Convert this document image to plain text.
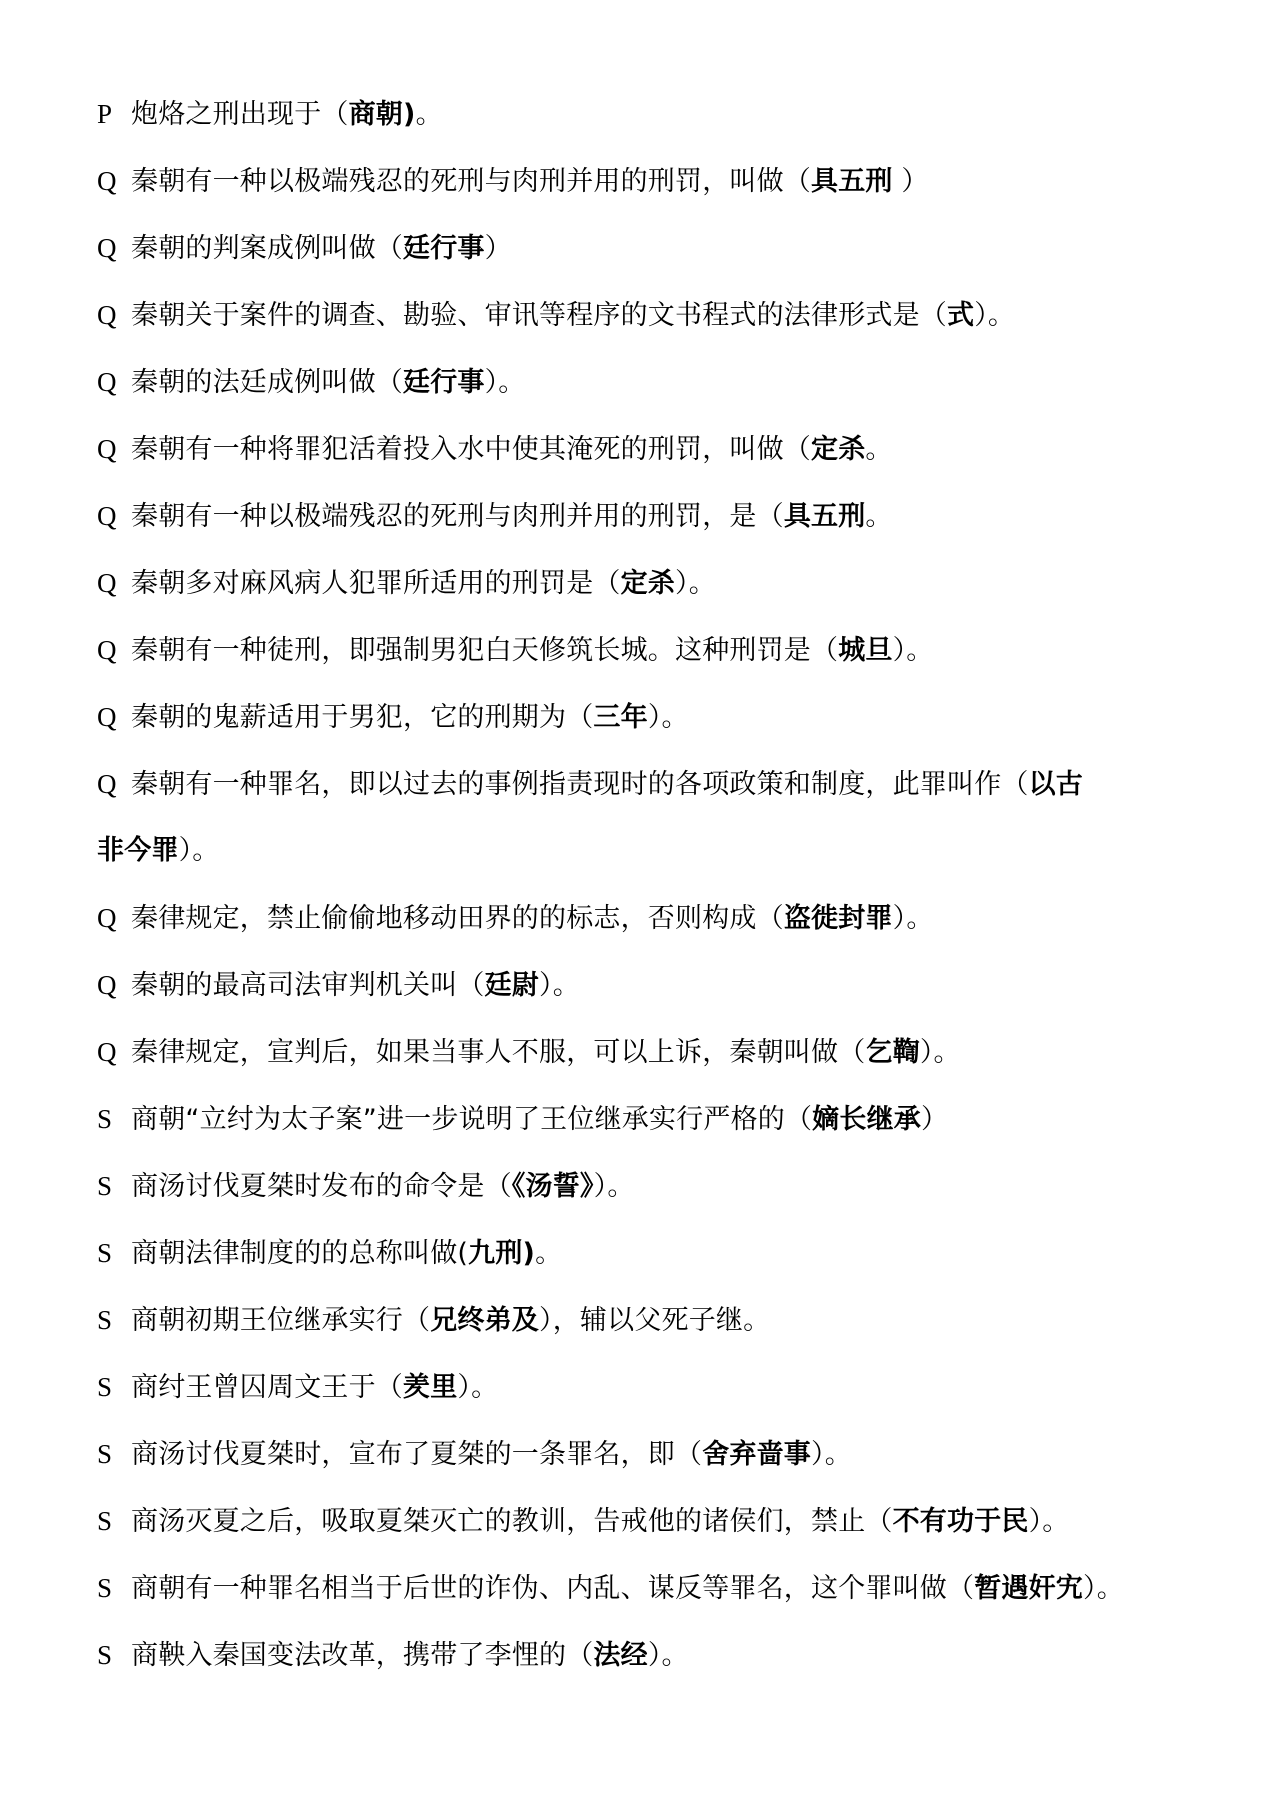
P 炮烙之刑出现于（商朝)。
Q 秦朝有一种以极端残忍的死刑与肉刑并用的刑罚，叫做（具五刑 ）
Q 秦朝的判案成例叫做（廷行事）
Q 秦朝关于案件的调查、勘验、审讯等程序的文书程式的法律形式是（式）。
Q 秦朝的法廷成例叫做（廷行事）。
Q 秦朝有一种将罪犯活着投入水中使其淹死的刑罚，叫做（定杀。
Q 秦朝有一种以极端残忍的死刑与肉刑并用的刑罚，是（具五刑。
Q 秦朝多对麻风病人犯罪所适用的刑罚是（定杀）。
Q 秦朝有一种徒刑，即强制男犯白天修筑长城。这种刑罚是（城旦）。
Q 秦朝的鬼薪适用于男犯，它的刑期为（三年）。
Q 秦朝有一种罪名，即以过去的事例指责现时的各项政策和制度，此罪叫作（以古
非今罪）。
Q 秦律规定，禁止偷偷地移动田界的的标志，否则构成（盗徙封罪）。
Q 秦朝的最高司法审判机关叫（廷尉）。
Q 秦律规定，宣判后，如果当事人不服，可以上诉，秦朝叫做（乞鞫）。
S 商朝“立纣为太子案”进一步说明了王位继承实行严格的（嫡长继承）
S 商汤讨伐夏桀时发布的命令是（《汤誓》）。
S 商朝法律制度的的总称叫做(九刑)。
S 商朝初期王位继承实行（兄终弟及），辅以父死子继。
S 商纣王曾囚周文王于（羑里）。
S 商汤讨伐夏桀时，宣布了夏桀的一条罪名，即（舍弃啬事）。
S 商汤灭夏之后，吸取夏桀灭亡的教训，告戒他的诸侯们，禁止（不有功于民）。
S 商朝有一种罪名相当于后世的诈伪、内乱、谋反等罪名，这个罪叫做（暂遇奸宄）。
S 商鞅入秦国变法改革，携带了李悝的（法经）。
